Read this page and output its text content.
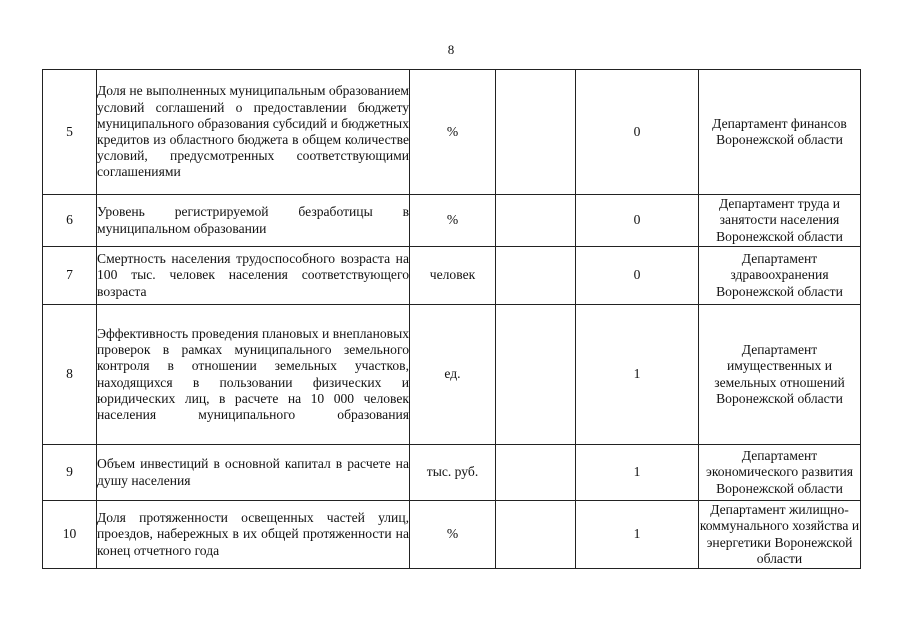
8
5	Доля не выполненных муниципальным образованием условий соглашений о предоставлении бюджету муниципального образования субсидий и бюджетных кредитов из областного бюджета в общем количестве условий, предусмотренных соответствующими соглашениями	%		0	Департамент финансов Воронежской области
6	Уровень регистрируемой безработицы в муниципальном образовании	%		0	Департамент труда и занятости населения Воронежской области
7	Смертность населения трудоспособного возраста на 100 тыс. человек населения соответствующего возраста	человек		0	Департамент здравоохранения Воронежской области
8	Эффективность проведения плановых и внеплановых проверок в рамках муниципального земельного контроля в отношении земельных участков, находящихся в пользовании физических и юридических лиц, в расчете на 10 000 человек населения муниципального образования	ед.		1	Департамент имущественных и земельных отношений Воронежской области
9	Объем инвестиций в основной капитал в расчете на душу населения	тыс. руб.		1	Департамент экономического развития Воронежской области
10	Доля протяженности освещенных частей улиц, проездов, набережных в их общей протяженности на конец отчетного года	%		1	Департамент жилищно-коммунального хозяйства и энергетики Воронежской области
